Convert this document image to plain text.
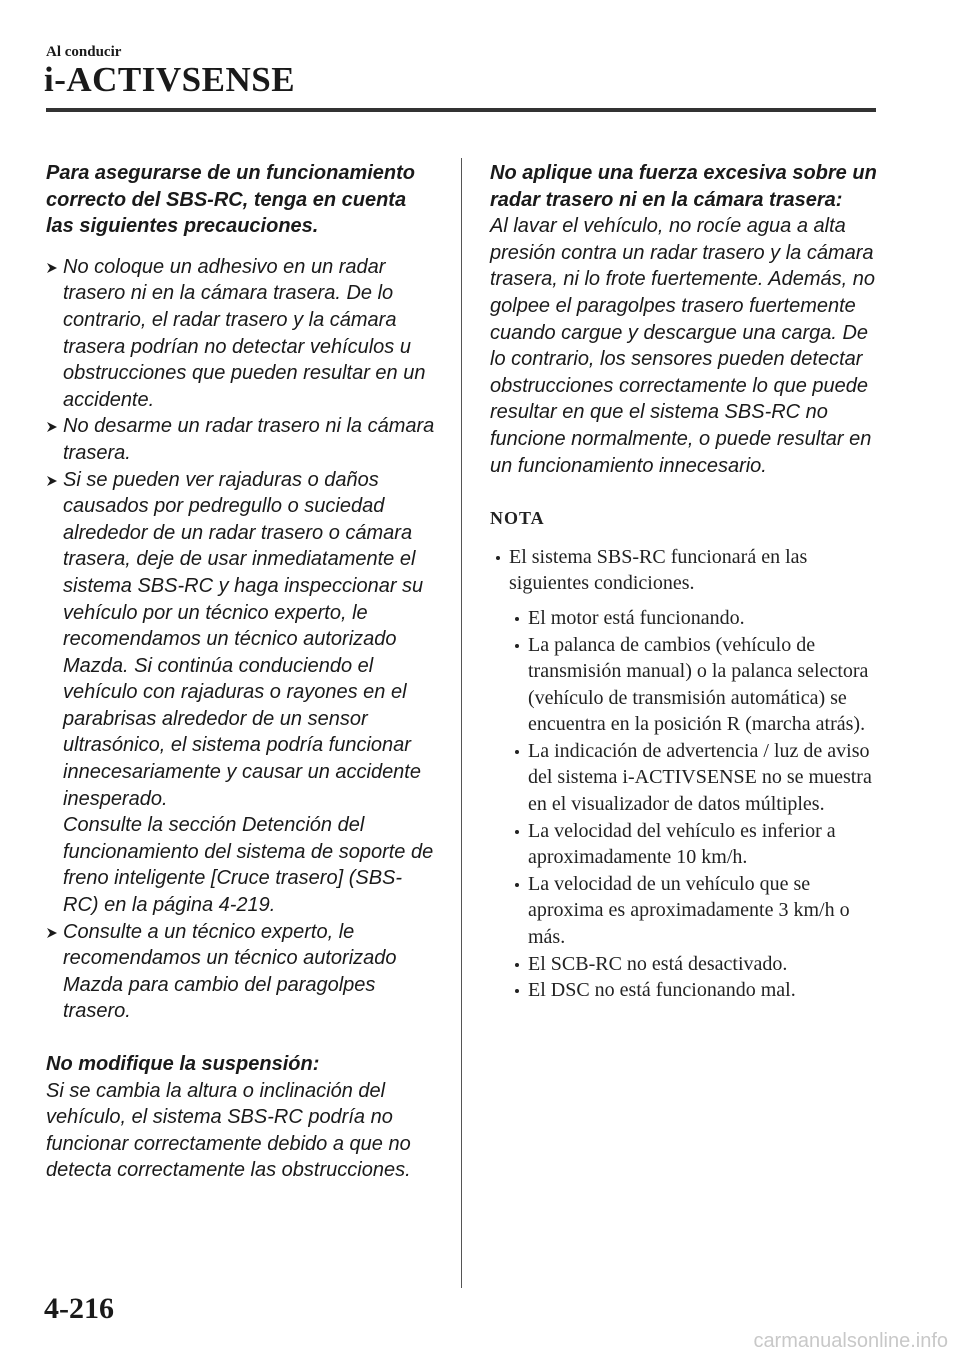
Al conducir
i-ACTIVSENSE

Para asegurarse de un funcionamiento correcto del SBS-RC, tenga en cuenta las siguientes precauciones.

No coloque un adhesivo en un radar trasero ni en la cámara trasera. De lo contrario, el radar trasero y la cámara trasera podrían no detectar vehículos u obstrucciones que pueden resultar en un accidente.
No desarme un radar trasero ni la cámara trasera.
Si se pueden ver rajaduras o daños causados por pedregullo o suciedad alrededor de un radar trasero o cámara trasera, deje de usar inmediatamente el sistema SBS-RC y haga inspeccionar su vehículo por un técnico experto, le recomendamos un técnico autorizado Mazda. Si continúa conduciendo el vehículo con rajaduras o rayones en el parabrisas alrededor de un sensor ultrasónico, el sistema podría funcionar innecesariamente y causar un accidente inesperado.
Consulte la sección Detención del funcionamiento del sistema de soporte de freno inteligente [Cruce trasero] (SBS-RC) en la página 4-219.
Consulte a un técnico experto, le recomendamos un técnico autorizado Mazda para cambio del paragolpes trasero.

No modifique la suspensión:

Si se cambia la altura o inclinación del vehículo, el sistema SBS-RC podría no funcionar correctamente debido a que no detecta correctamente las obstrucciones.

No aplique una fuerza excesiva sobre un radar trasero ni en la cámara trasera:

Al lavar el vehículo, no rocíe agua a alta presión contra un radar trasero y la cámara trasera, ni lo frote fuertemente. Además, no golpee el paragolpes trasero fuertemente cuando cargue y descargue una carga. De lo contrario, los sensores pueden detectar obstrucciones correctamente lo que puede resultar en que el sistema SBS-RC no funcione normalmente, o puede resultar en un funcionamiento innecesario.

NOTA

El sistema SBS-RC funcionará en las siguientes condiciones.
El motor está funcionando.
La palanca de cambios (vehículo de transmisión manual) o la palanca selectora (vehículo de transmisión automática) se encuentra en la posición R (marcha atrás).
La indicación de advertencia / luz de aviso del sistema i-ACTIVSENSE no se muestra en el visualizador de datos múltiples.
La velocidad del vehículo es inferior a aproximadamente 10 km/h.
La velocidad de un vehículo que se aproxima es aproximadamente 3 km/h o más.
El SCB-RC no está desactivado.
El DSC no está funcionando mal.
4-216
carmanualsonline.info
